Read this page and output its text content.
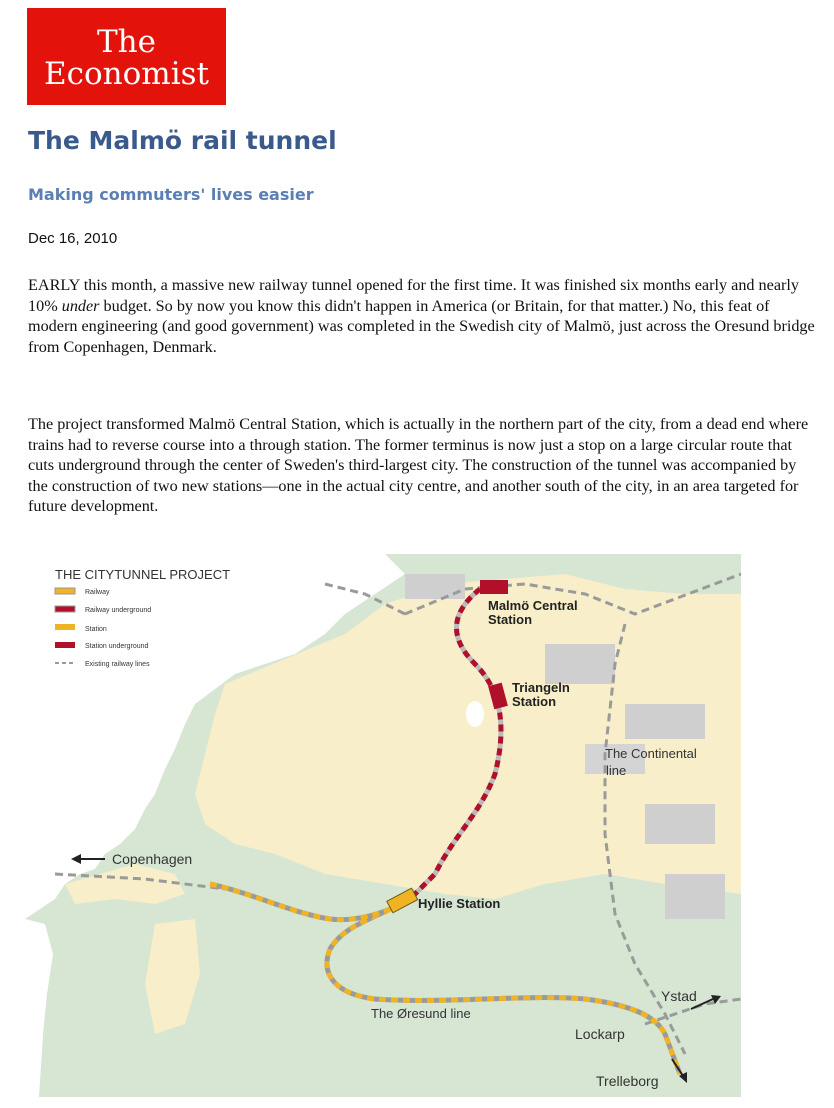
The
Economist
The Malmö rail tunnel
Making commuters' lives easier
Dec 16, 2010

EARLY this month, a massive new railway tunnel opened for the first time. It was finished six months early and nearly 10% under budget. So by now you know this didn't happen in America (or Britain, for that matter.) No, this feat of modern engineering (and good government) was completed in the Swedish city of Malmö, just across the Oresund bridge from Copenhagen, Denmark.

The project transformed Malmö Central Station, which is actually in the northern part of the city, from a dead end where trains had to reverse course into a through station. The former terminus is now just a stop on a large circular route that cuts underground through the center of Sweden's third-largest city. The construction of the tunnel was accompanied by the construction of two new stations—one in the actual city centre, and another south of the city, in an area targeted for future development.

THE CITYTUNNEL PROJECT
Railway
Railway underground
Station
Station underground
Existing railway lines
Malmö Central
Station
Triangeln
Station
The Continental
line
Copenhagen
Hyllie Station
The Øresund line
Lockarp
Ystad
Trelleborg
